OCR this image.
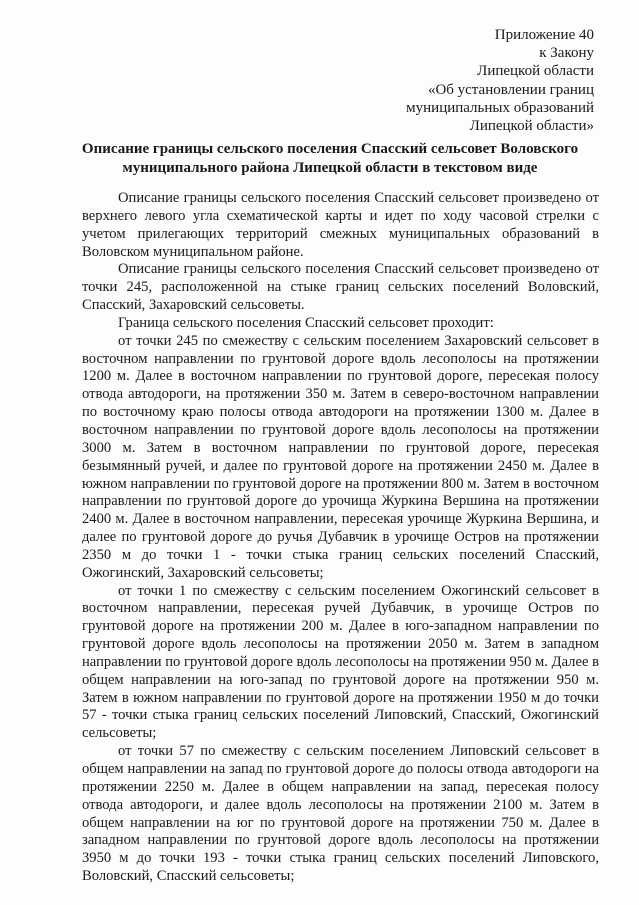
Приложение 40
к Закону
Липецкой области
«Об установлении границ
муниципальных образований
Липецкой области»
Описание границы сельского поселения Спасский сельсовет Воловского
муниципального района Липецкой области в текстовом виде

Описание границы сельского поселения Спасский сельсовет произведено от верхнего левого угла схематической карты и идет по ходу часовой стрелки с учетом прилегающих территорий смежных муниципальных образований в Воловском муниципальном районе.

Описание границы сельского поселения Спасский сельсовет произведено от точки 245, расположенной на стыке границ сельских поселений Воловский, Спасский, Захаровский сельсоветы.

Граница сельского поселения Спасский сельсовет проходит:

от точки 245 по смежеству с сельским поселением Захаровский сельсовет в восточном направлении по грунтовой дороге вдоль лесополосы на протяжении 1200 м. Далее в восточном направлении по грунтовой дороге, пересекая полосу отвода автодороги, на протяжении 350 м. Затем в северо-восточном направлении по восточному краю полосы отвода автодороги на протяжении 1300 м. Далее в восточном направлении по грунтовой дороге вдоль лесополосы на протяжении 3000 м. Затем в восточном направлении по грунтовой дороге, пересекая безымянный ручей, и далее по грунтовой дороге на протяжении 2450 м. Далее в южном направлении по грунтовой дороге на протяжении 800 м. Затем в восточном направлении по грунтовой дороге до урочища Журкина Вершина на протяжении 2400 м. Далее в восточном направлении, пересекая урочище Журкина Вершина, и далее по грунтовой дороге до ручья Дубавчик в урочище Остров на протяжении 2350 м до точки 1 - точки стыка границ сельских поселений Спасский, Ожогинский, Захаровский сельсоветы;

от точки 1 по смежеству с сельским поселением Ожогинский сельсовет в восточном направлении, пересекая ручей Дубавчик, в урочище Остров по грунтовой дороге на протяжении 200 м. Далее в юго-западном направлении по грунтовой дороге вдоль лесополосы на протяжении 2050 м. Затем в западном направлении по грунтовой дороге вдоль лесополосы на протяжении 950 м. Далее в общем направлении на юго-запад по грунтовой дороге на протяжении 950 м. Затем в южном направлении по грунтовой дороге на протяжении 1950 м до точки 57 - точки стыка границ сельских поселений Липовский, Спасский, Ожогинский сельсоветы;

от точки 57 по смежеству с сельским поселением Липовский сельсовет в общем направлении на запад по грунтовой дороге до полосы отвода автодороги на протяжении 2250 м. Далее в общем направлении на запад, пересекая полосу отвода автодороги, и далее вдоль лесополосы на протяжении 2100 м. Затем в общем направлении на юг по грунтовой дороге на протяжении 750 м. Далее в западном направлении по грунтовой дороге вдоль лесополосы на протяжении 3950 м до точки 193 - точки стыка границ сельских поселений Липовского, Воловский, Спасский сельсоветы;
